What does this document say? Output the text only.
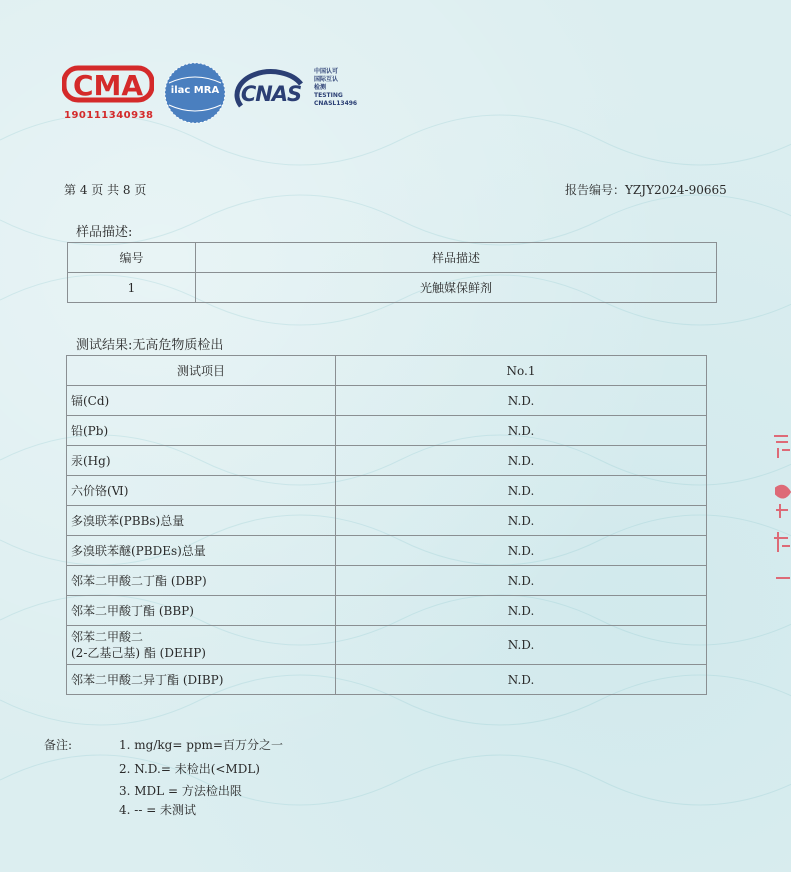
CMA
190111340938
ilac MRA	CNAS
中国认可
国际互认
检测
TESTING
CNASL13496
第 4 页 共 8 页	报告编号：YZJY2024-90665
样品描述:
编号	样品描述
1	光触媒保鲜剂
测试结果:无高危物质检出
测试项目	No.1
镉(Cd)	N.D.
铅(Pb)	N.D.
汞(Hg)	N.D.
六价铬(Ⅵ)	N.D.
多溴联苯(PBBs)总量	N.D.
多溴联苯醚(PBDEs)总量	N.D.
邻苯二甲酸二丁酯 (DBP)	N.D.
邻苯二甲酸丁酯 (BBP)	N.D.

邻苯二甲酸二
(2-乙基己基) 酯 (DEHP)	N.D.
邻苯二甲酸二异丁酯 (DIBP)	N.D.
备注:	1. mg/kg= ppm=百万分之一
2. N.D.= 未检出(<MDL)
3. MDL = 方法检出限
4. -- = 未测试
